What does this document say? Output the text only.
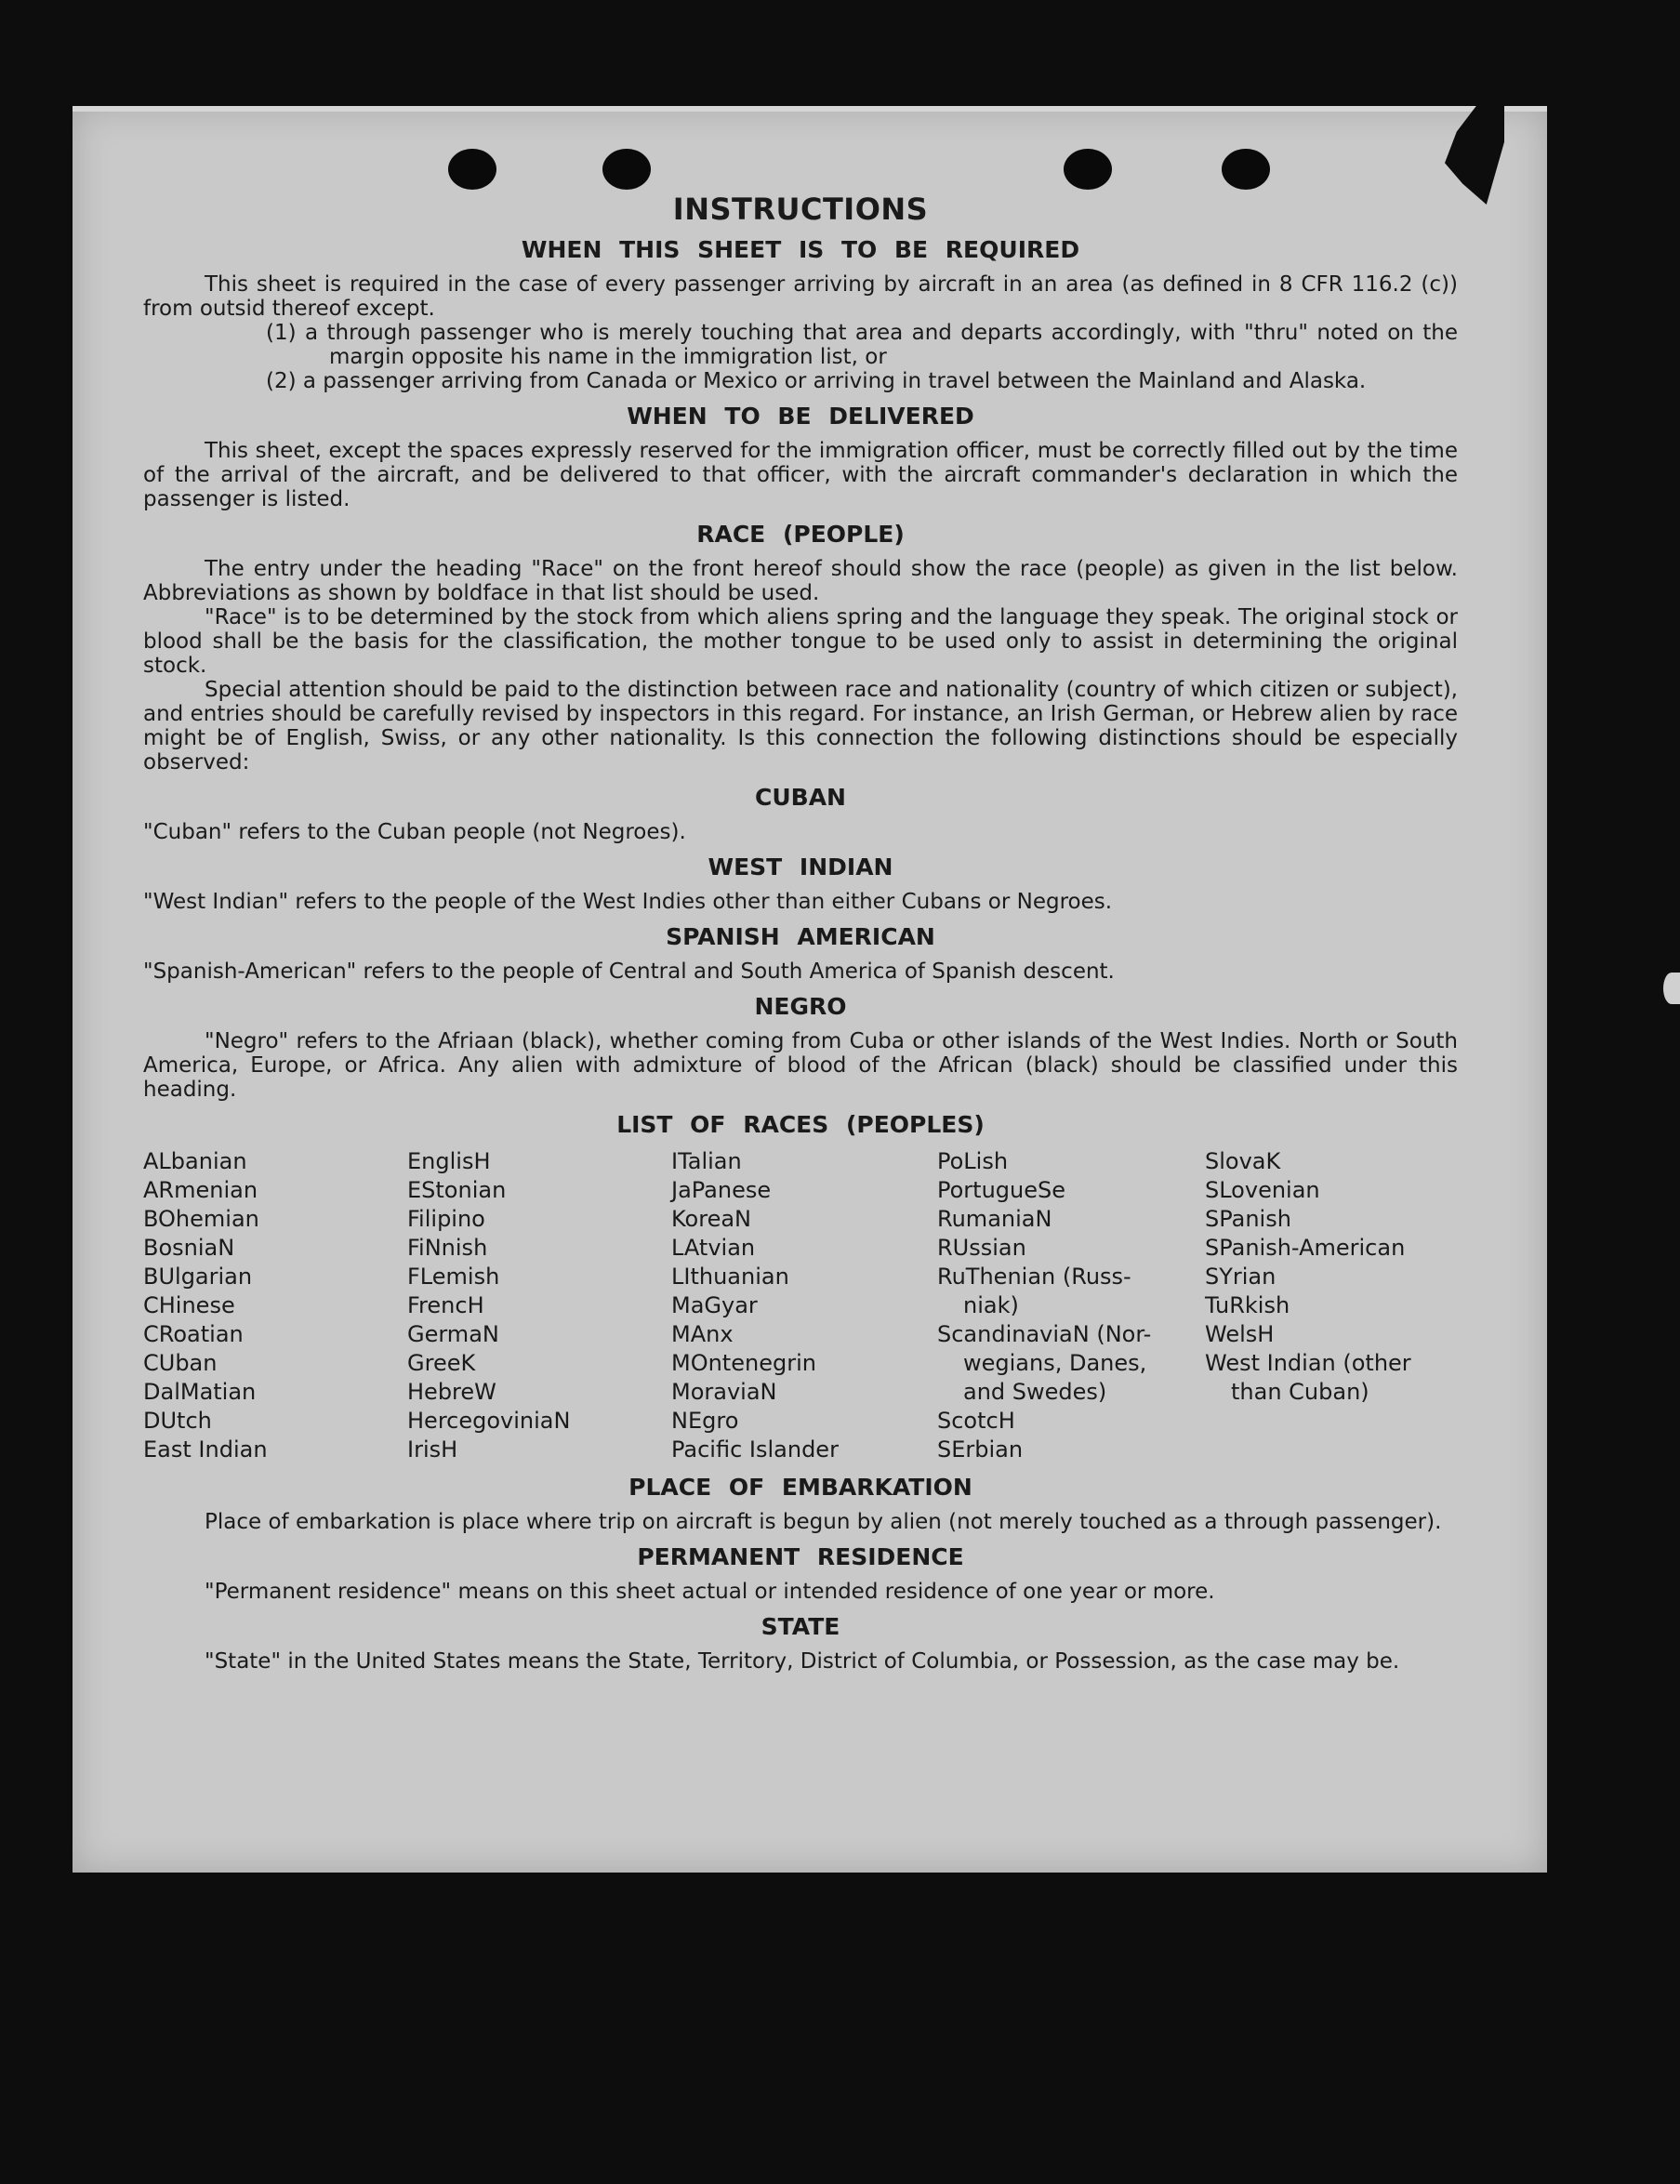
INSTRUCTIONS
WHEN THIS SHEET IS TO BE REQUIRED

This sheet is required in the case of every passenger arriving by aircraft in an area (as defined in 8 CFR 116.2 (c)) from outsid thereof except.

(1) a through passenger who is merely touching that area and departs accordingly, with "thru" noted on the margin opposite his name in the immigration list, or
(2) a passenger arriving from Canada or Mexico or arriving in travel between the Mainland and Alaska.
WHEN TO BE DELIVERED

This sheet, except the spaces expressly reserved for the immigration officer, must be correctly filled out by the time of the arrival of the aircraft, and be delivered to that officer, with the aircraft commander's declaration in which the passenger is listed.

RACE (PEOPLE)

The entry under the heading "Race" on the front hereof should show the race (people) as given in the list below. Abbreviations as shown by boldface in that list should be used.

"Race" is to be determined by the stock from which aliens spring and the language they speak. The original stock or blood shall be the basis for the classification, the mother tongue to be used only to assist in determining the original stock.

Special attention should be paid to the distinction between race and nationality (country of which citizen or subject), and entries should be carefully revised by inspectors in this regard. For instance, an Irish German, or Hebrew alien by race might be of English, Swiss, or any other nationality. Is this connection the following distinctions should be especially observed:

CUBAN

"Cuban" refers to the Cuban people (not Negroes).

WEST INDIAN

"West Indian" refers to the people of the West Indies other than either Cubans or Negroes.

SPANISH AMERICAN

"Spanish-American" refers to the people of Central and South America of Spanish descent.

NEGRO

"Negro" refers to the Afriaan (black), whether coming from Cuba or other islands of the West Indies. North or South America, Europe, or Africa. Any alien with admixture of blood of the African (black) should be classified under this heading.

LIST OF RACES (PEOPLES)
ALbanian
ARmenian
BOhemian
BosniaN
BUlgarian
CHinese
CRoatian
CUban
DalMatian
DUtch
East Indian
EnglisH
EStonian
Filipino
FiNnish
FLemish
FrencH
GermaN
GreeK
HebreW
HercegoviniaN
IrisH
ITalian
JaPanese
KoreaN
LAtvian
LIthuanian
MaGyar
MAnx
MOntenegrin
MoraviaN
NEgro
Pacific Islander
PoLish
PortugueSe
RumaniaN
RUssian
RuThenian (Russ-
niak)
ScandinaviaN (Nor-
wegians, Danes,
and Swedes)
ScotcH
SErbian
SlovaK
SLovenian
SPanish
SPanish-American
SYrian
TuRkish
WelsH
West Indian (other
than Cuban)
PLACE OF EMBARKATION

Place of embarkation is place where trip on aircraft is begun by alien (not merely touched as a through passenger).

PERMANENT RESIDENCE

"Permanent residence" means on this sheet actual or intended residence of one year or more.

STATE

"State" in the United States means the State, Territory, District of Columbia, or Possession, as the case may be.
